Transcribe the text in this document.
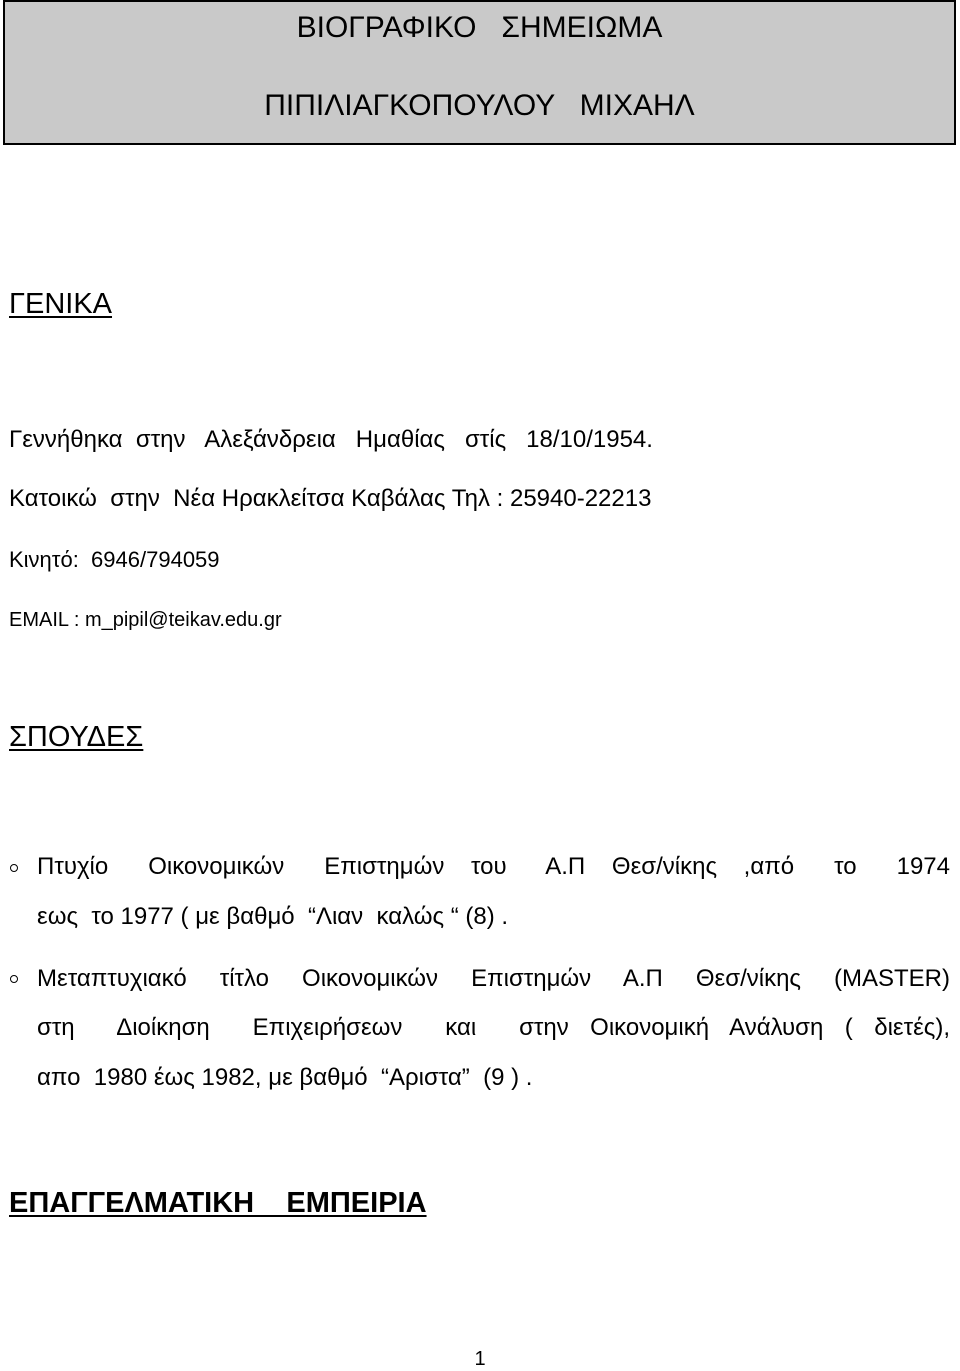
ΒΙΟΓΡΑΦΙΚΟ   ΣΗΜΕΙΩΜΑ
ΠΙΠΙΛΙΑΓΚΟΠΟΥΛΟΥ   ΜΙΧΑΗΛ
ΓΕΝΙΚΑ
Γεννήθηκα  στην   Αλεξάνδρεια   Ημαθίας   στίς   18/10/1954.
Κατοικώ  στην  Νέα Ηρακλείτσα Καβάλας Τηλ : 25940-22213
Κινητό:  6946/794059
EMAIL : m_pipil@teikav.edu.gr
ΣΠΟΥΔΕΣ
Πτυχίο   Οικονομικών   Επιστημών  του   Α.Π  Θεσ/νίκης  ,από   το   1974
εως  το 1977 ( με βαθμό  “Λιαν  καλώς “ (8) .
Μεταπτυχιακό τίτλο Οικονομικών Επιστημών Α.Π Θεσ/νίκης (MASTER)
στη  Διοίκηση  Επιχειρήσεων  και  στην Οικονομική Ανάλυση ( διετές),
απο  1980 έως 1982, με βαθμό  “Αριστα”  (9 ) .
ΕΠΑΓΓΕΛΜΑΤΙΚΗ    ΕΜΠΕΙΡΙΑ
1
